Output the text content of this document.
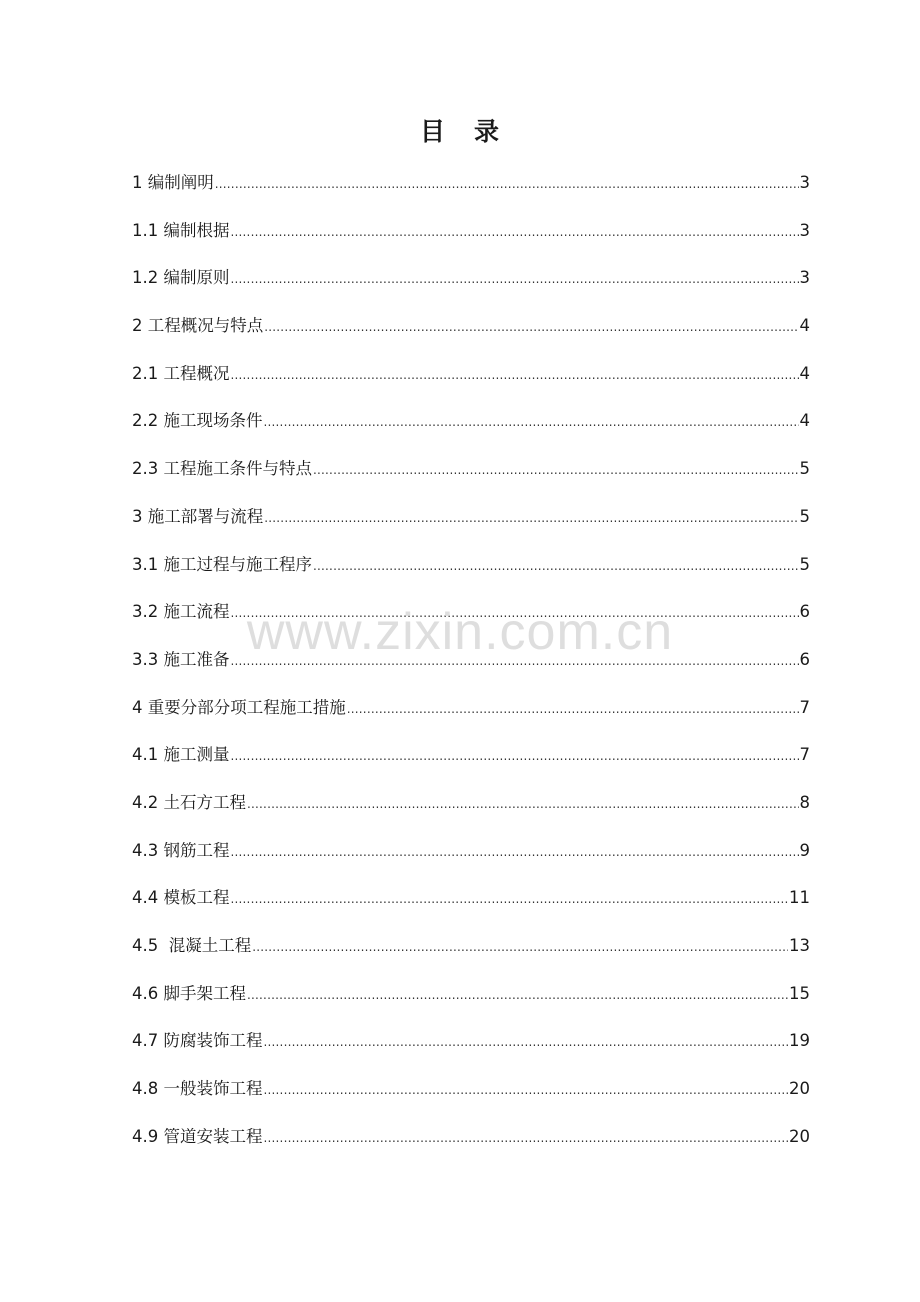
目 录
1 编制阐明 .....	3
1.1 编制根据 .....	3
1.2 编制原则 .....	3
2 工程概况与特点 .....	4
2.1 工程概况 .....	4
2.2 施工现场条件 .....	4
2.3 工程施工条件与特点 .....	5
3 施工部署与流程 .....	5
3.1 施工过程与施工程序 .....	5
3.2 施工流程 .....	6
3.3 施工准备 .....	6
4 重要分部分项工程施工措施 .....	7
4.1 施工测量 .....	7
4.2 土石方工程 .....	8
4.3 钢筋工程 .....	9
4.4 模板工程 .....	11
4.5  混凝土工程 .....	13
4.6 脚手架工程 .....	15
4.7 防腐装饰工程 .....	19
4.8 一般装饰工程 .....	20
4.9 管道安装工程 .....	20
www.zixin.com.cn
